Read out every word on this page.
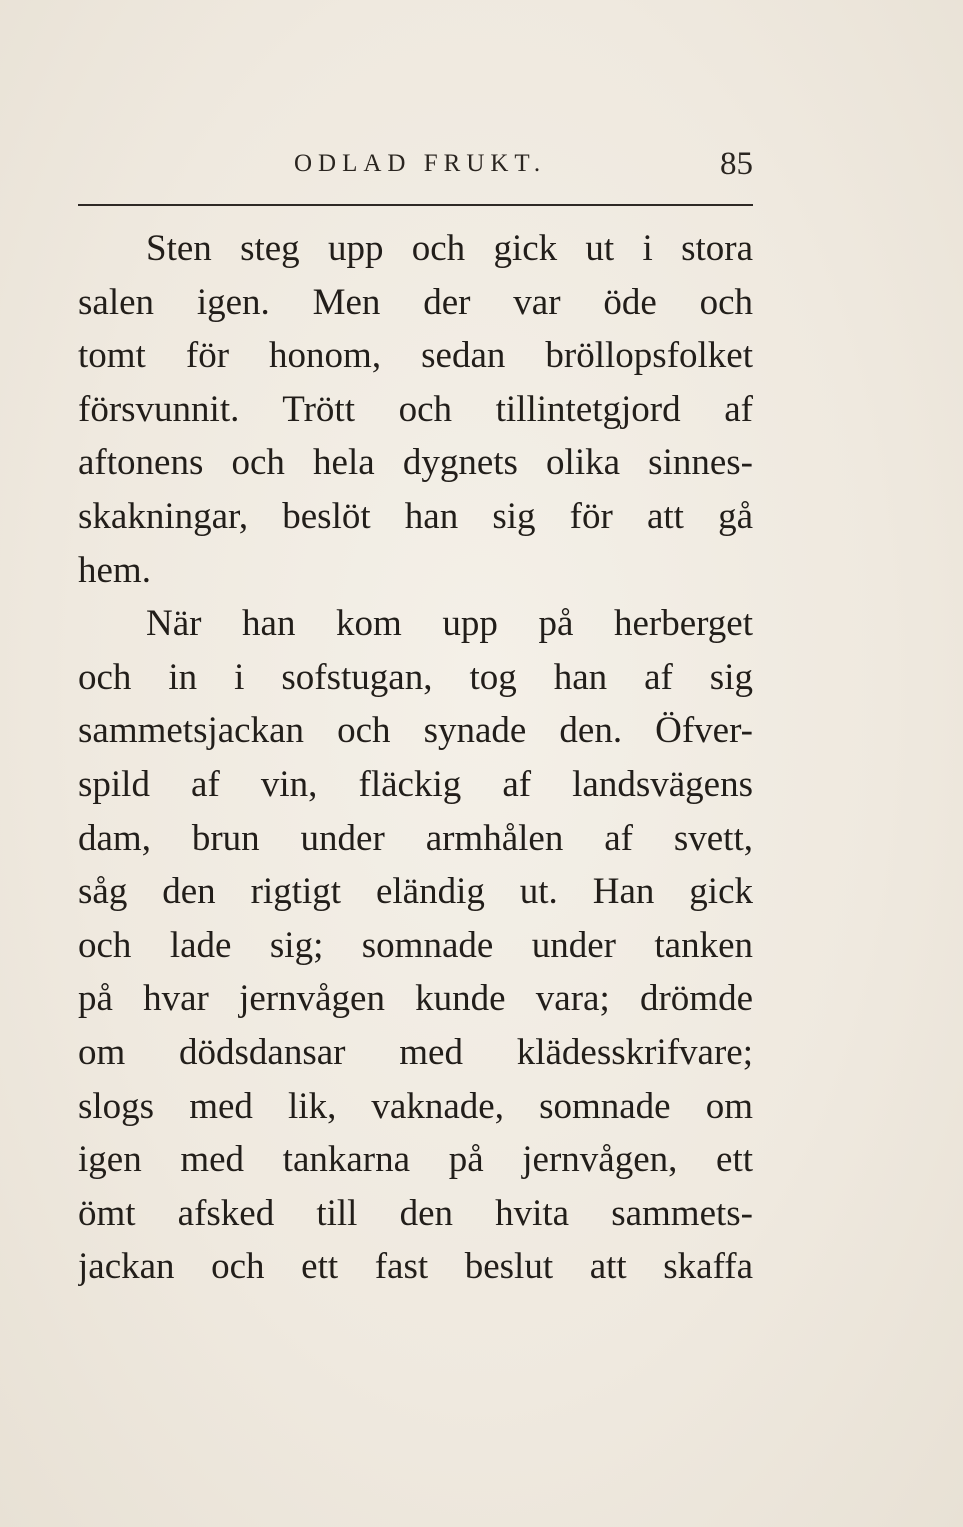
ODLAD FRUKT.	85
Sten steg upp och gick ut i stora
salen igen. Men der var öde och
tomt för honom, sedan bröllopsfolket
försvunnit. Trött och tillintetgjord af
aftonens och hela dygnets olika sinnes-
skakningar, beslöt han sig för att gå
hem.
När han kom upp på herberget
och in i sofstugan, tog han af sig
sammetsjackan och synade den. Öfver-
spild af vin, fläckig af landsvägens
dam, brun under armhålen af svett,
såg den rigtigt eländig ut. Han gick
och lade sig; somnade under tanken
på hvar jernvågen kunde vara; drömde
om dödsdansar med klädesskrifvare;
slogs med lik, vaknade, somnade om
igen med tankarna på jernvågen, ett
ömt afsked till den hvita sammets-
jackan och ett fast beslut att skaffa
